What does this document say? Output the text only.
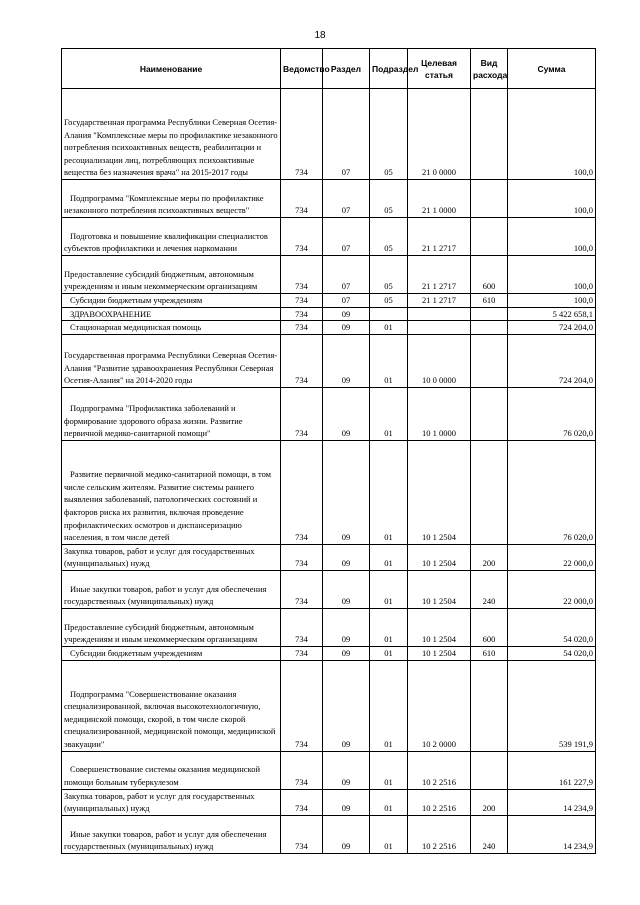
18
Наименование	Ведомство	Раздел	Подраздел	Целевая статья	Вид расхода	Сумма
Государственная программа Республики Северная Осетия-Алания "Комплексные меры по профилактике незаконного потребления психоактивных веществ, реабилитации и ресоциализации лиц, потребляющих психоактивные вещества без назначения врача" на 2015-2017 годы	734	07	05	21 0 0000		100,0
Подпрограмма "Комплексные меры по профилактике незаконного потребления психоактивных веществ"	734	07	05	21 1 0000		100,0
Подготовка и повышение квалификации специалистов субъектов профилактики и лечения наркомании	734	07	05	21 1 2717		100,0
Предоставление субсидий бюджетным, автономным учреждениям и иным некоммерческим организациям	734	07	05	21 1 2717	600	100,0
Субсидии бюджетным учреждениям	734	07	05	21 1 2717	610	100,0
ЗДРАВООХРАНЕНИЕ	734	09				5 422 658,1
Стационарная медицинская помощь	734	09	01			724 204,0
Государственная программа Республики Северная Осетия-Алания "Развитие здравоохранения Республики Северная Осетия-Алания" на 2014-2020 годы	734	09	01	10 0 0000		724 204,0
Подпрограмма "Профилактика заболеваний и формирование здорового образа жизни. Развитие первичной медико-санитарной помощи"	734	09	01	10 1 0000		76 020,0
Развитие первичной медико-санитарной помощи, в том числе сельским жителям. Развитие системы раннего выявления заболеваний, патологических состояний и факторов риска их развития, включая проведение профилактических осмотров и диспансеризацию населения, в том числе детей	734	09	01	10 1 2504		76 020,0
Закупка товаров, работ и услуг для государственных (муниципальных) нужд	734	09	01	10 1 2504	200	22 000,0
Иные закупки товаров, работ и услуг для обеспечения государственных (муниципальных) нужд	734	09	01	10 1 2504	240	22 000,0
Предоставление субсидий бюджетным, автономным учреждениям и иным некоммерческим организациям	734	09	01	10 1 2504	600	54 020,0
Субсидии бюджетным учреждениям	734	09	01	10 1 2504	610	54 020,0
Подпрограмма "Совершенствование оказания специализированной, включая высокотехнологичную, медицинской помощи, скорой, в том числе скорой специализированной, медицинской помощи, медицинской эвакуации"	734	09	01	10 2 0000		539 191,9
Совершенствование системы оказания медицинской помощи больным туберкулезом	734	09	01	10 2 2516		161 227,9
Закупка товаров, работ и услуг для государственных (муниципальных) нужд	734	09	01	10 2 2516	200	14 234,9
Иные закупки товаров, работ и услуг для обеспечения государственных (муниципальных) нужд	734	09	01	10 2 2516	240	14 234,9
